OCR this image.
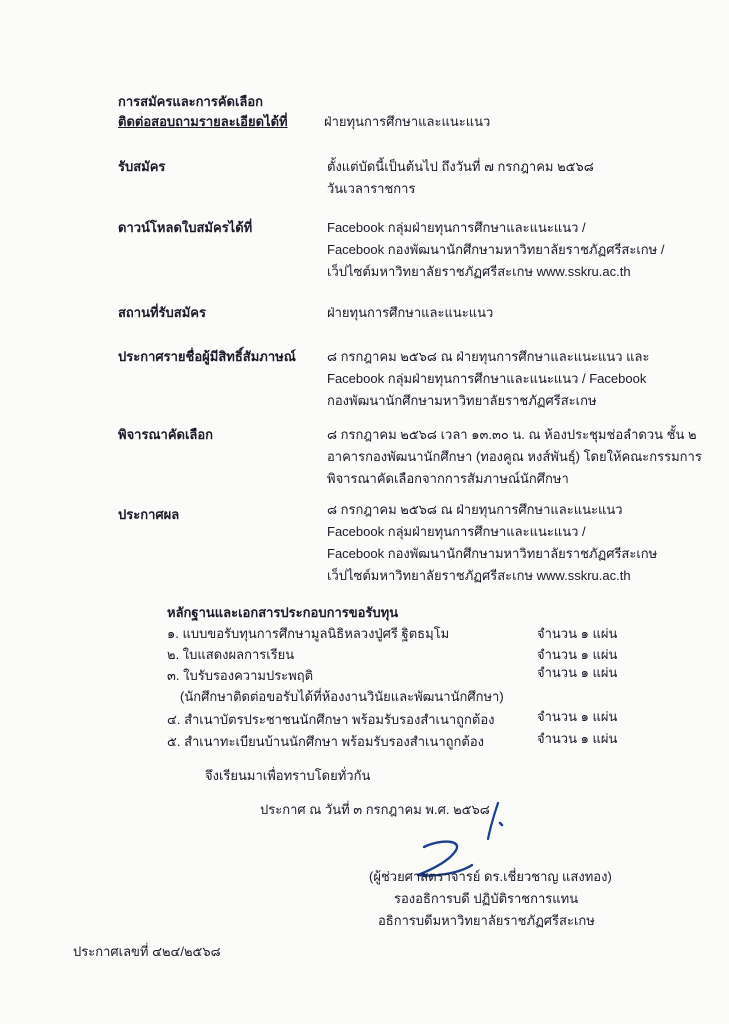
การสมัครและการคัดเลือก
ติดต่อสอบถามรายละเอียดได้ที่	ฝ่ายทุนการศึกษาและแนะแนว
รับสมัคร	ตั้งแต่บัดนี้เป็นต้นไป ถึงวันที่ ๗ กรกฎาคม ๒๕๖๘
วันเวลาราชการ
ดาวน์โหลดใบสมัครได้ที่	Facebook กลุ่มฝ่ายทุนการศึกษาและแนะแนว /
Facebook กองพัฒนานักศึกษามหาวิทยาลัยราชภัฏศรีสะเกษ /
เว็ปไซต์มหาวิทยาลัยราชภัฏศรีสะเกษ www.sskru.ac.th
สถานที่รับสมัคร	ฝ่ายทุนการศึกษาและแนะแนว
ประกาศรายชื่อผู้มีสิทธิ์สัมภาษณ์ ๘ กรกฎาคม ๒๕๖๘ ณ ฝ่ายทุนการศึกษาและแนะแนว และ
Facebook กลุ่มฝ่ายทุนการศึกษาและแนะแนว / Facebook
กองพัฒนานักศึกษามหาวิทยาลัยราชภัฏศรีสะเกษ
พิจารณาคัดเลือก	๘ กรกฎาคม ๒๕๖๘ เวลา ๑๓.๓๐ น. ณ ห้องประชุมช่อลำดวน ชั้น ๒
อาคารกองพัฒนานักศึกษา (ทองคูณ หงส์พันธุ์) โดยให้คณะกรรมการ
พิจารณาคัดเลือกจากการสัมภาษณ์นักศึกษา
ประกาศผล	๘ กรกฎาคม ๒๕๖๘ ณ ฝ่ายทุนการศึกษาและแนะแนว
Facebook กลุ่มฝ่ายทุนการศึกษาและแนะแนว /
Facebook กองพัฒนานักศึกษามหาวิทยาลัยราชภัฏศรีสะเกษ
เว็ปไซต์มหาวิทยาลัยราชภัฏศรีสะเกษ www.sskru.ac.th
หลักฐานและเอกสารประกอบการขอรับทุน
๑. แบบขอรับทุนการศึกษามูลนิธิหลวงปู่ศรี ฐิตธมฺโม	จำนวน ๑ แผ่น
๒. ใบแสดงผลการเรียน	จำนวน ๑ แผ่น
๓. ใบรับรองความประพฤติ	จำนวน ๑ แผ่น
(นักศึกษาติดต่อขอรับได้ที่ห้องงานวินัยและพัฒนานักศึกษา)
๔. สำเนาบัตรประชาชนนักศึกษา พร้อมรับรองสำเนาถูกต้อง	จำนวน ๑ แผ่น
๕. สำเนาทะเบียนบ้านนักศึกษา พร้อมรับรองสำเนาถูกต้อง	จำนวน ๑ แผ่น
จึงเรียนมาเพื่อทราบโดยทั่วกัน
ประกาศ ณ วันที่ ๓ กรกฎาคม พ.ศ. ๒๕๖๘
(ผู้ช่วยศาสตราจารย์ ดร.เชี่ยวชาญ แสงทอง)
รองอธิการบดี ปฏิบัติราชการแทน
อธิการบดีมหาวิทยาลัยราชภัฏศรีสะเกษ
ประกาศเลขที่ ๔๒๔/๒๕๖๘
